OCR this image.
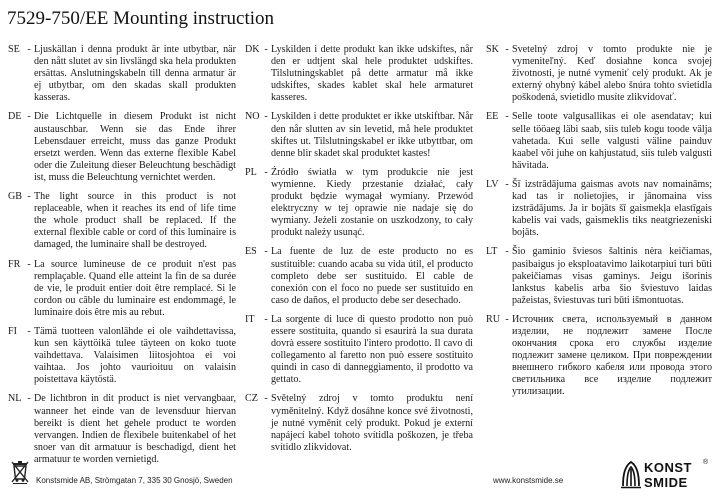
7529-750/EE Mounting instruction
SE - Ljuskällan i denna produkt är inte utbytbar, när den nått slutet av sin livslängd ska hela produkten ersättas. Anslutningskabeln till denna armatur är ej utbytbar, om den skadas skall produkten kasseras.
DE - Die Lichtquelle in diesem Produkt ist nicht austauschbar. Wenn sie das Ende ihrer Lebensdauer erreicht, muss das ganze Produkt ersetzt werden. Wenn das externe flexible Kabel oder die Zuleitung dieser Beleuchtung beschädigt ist, muss die Beleuchtung vernichtet werden.
GB - The light source in this product is not replaceable, when it reaches its end of life time the whole product shall be replaced. If the external flexible cable or cord of this luminaire is damaged, the luminaire shall be destroyed.
FR - La source lumineuse de ce produit n'est pas remplaçable. Quand elle atteint la fin de sa durée de vie, le produit entier doit être remplacé. Si le cordon ou câble du luminaire est endommagé, le luminaire dois être mis au rebut.
FI	- Tämä tuotteen valonlähde ei ole vaihdettavissa, kun sen käyttöikä tulee täyteen on koko tuote vaihdettava. Valaisimen liitosjohtoa ei voi vaihtaa. Jos johto vaurioituu on valaisin poistettava käytöstä.
NL - De lichtbron in dit product is niet vervangbaar, wanneer het einde van de levensduur hiervan bereikt is dient het gehele product te worden vervangen. Indien de flexibele buitenkabel of het snoer van dit armatuur is beschadigd, dient het armatuur te worden vernietigd.
DK - Lyskilden i dette produkt kan ikke udskiftes, når den er udtjent skal hele produktet udskiftes. Tilslutningskablet på dette armatur må ikke udskiftes, skades kablet skal hele armaturet kasseres.
NO - Lyskilden i dette produktet er ikke utskiftbar. Når den når slutten av sin levetid, må hele produktet skiftes ut. Tilslutningskabel er ikke utbyttbar, om denne blir skadet skal produktet kastes!
PL - Źródło światła w tym produkcie nie jest wymienne. Kiedy przestanie działać, cały produkt będzie wymagał wymiany. Przewód elektryczny w tej oprawie nie nadaje się do wymiany. Jeżeli zostanie on uszkodzony, to cały produkt należy usunąć.
ES - La fuente de luz de este producto no es sustituible: cuando acaba su vida útil, el producto completo debe ser sustituido. El cable de conexión con el foco no puede ser sustituido en caso de daños, el producto debe ser desechado.
IT - La sorgente di luce di questo prodotto non può essere sostituita, quando si esaurirà la sua durata dovrà essere sostituito l'intero prodotto. Il cavo di collegamento al faretto non può essere sostituito quindi in caso di danneggiamento, il prodotto va gettato.
CZ - Světelný zdroj v tomto produktu není vyměnitelný. Když dosáhne konce své životnosti, je nutné vyměnit celý produkt. Pokud je externí napájecí kabel tohoto svítidla poškozen, je třeba svítidlo zlikvidovat.
SK - Svetelný zdroj v tomto produkte nie je vymeniteľný. Keď dosiahne konca svojej životnosti, je nutné vymeniť celý produkt. Ak je externý ohybný kábel alebo šnúra tohto svietidla poškodená, svietidlo musíte zlikvidovať.
EE - Selle toote valgusallikas ei ole asendatav; kui selle tööaeg läbi saab, siis tuleb kogu toode välja vahetada. Kui selle valgusti väline painduv kaabel või juhe on kahjustatud, siis tuleb valgusti hävitada.
LV - Šī izstrādājuma gaismas avots nav nomaināms; kad tas ir nolietojies, ir jānomaina viss izstrādājums. Ja ir bojāts šī gaismekļa elastīgais kabelis vai vads, gaismeklis tiks neatgriezeniski bojāts.
LT - Šio gaminio šviesos šaltinis nėra keičiamas, pasibaigus jo eksploatavimo laikotarpiui turi būti pakeičiamas visas gaminys. Jeigu išorinis lankstus kabelis arba šio šviestuvo laidas pažeistas, šviestuvas turi būti išmontuotas.
RU - Источник света, используемый в данном изделии, не подлежит замене После окончания срока его службы изделие подлежит замене целиком. При повреждении внешнего гибкого кабеля или провода этого светильника все изделие подлежит утилизации.
Konstsmide AB, Strömgatan 7, 335 30 Gnosjö, Sweden	www.konstsmide.se
KONST
SMIDE
®
